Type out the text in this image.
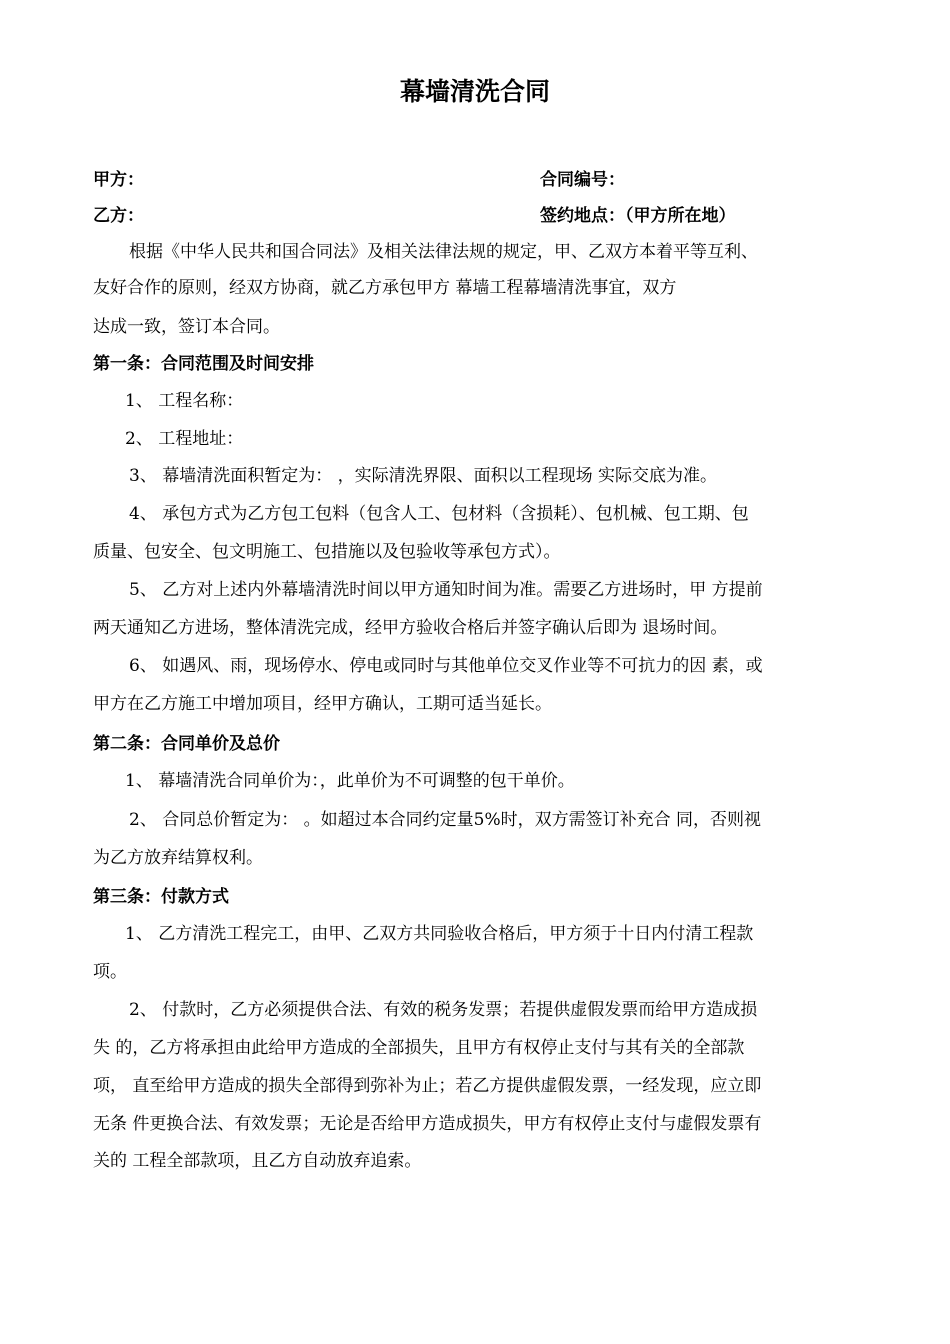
幕墙清洗合同
甲方：	合同编号：
乙方：	签约地点：（甲方所在地）
根据《中华人民共和国合同法》及相关法律法规的规定，甲、乙双方本着平等互利、
友好合作的原则，经双方协商，就乙方承包甲方 幕墙工程幕墙清洗事宜，双方
达成一致，签订本合同。
第一条：合同范围及时间安排
1、 工程名称：
2、 工程地址：
3、 幕墙清洗面积暂定为： ，实际清洗界限、面积以工程现场 实际交底为准。
4、 承包方式为乙方包工包料（包含人工、包材料（含损耗）、包机械、包工期、包
质量、包安全、包文明施工、包措施以及包验收等承包方式）。
5、 乙方对上述内外幕墙清洗时间以甲方通知时间为准。需要乙方进场时，甲 方提前
两天通知乙方进场，整体清洗完成，经甲方验收合格后并签字确认后即为 退场时间。
6、 如遇风、雨，现场停水、停电或同时与其他单位交叉作业等不可抗力的因 素，或
甲方在乙方施工中增加项目，经甲方确认，工期可适当延长。
第二条：合同单价及总价
1、 幕墙清洗合同单价为：，此单价为不可调整的包干单价。
2、 合同总价暂定为： 。如超过本合同约定量5%时，双方需签订补充合 同，否则视
为乙方放弃结算权利。
第三条：付款方式
1、 乙方清洗工程完工，由甲、乙双方共同验收合格后，甲方须于十日内付清工程款
项。
2、 付款时，乙方必须提供合法、有效的税务发票；若提供虚假发票而给甲方造成损
失 的，乙方将承担由此给甲方造成的全部损失，且甲方有权停止支付与其有关的全部款
项， 直至给甲方造成的损失全部得到弥补为止；若乙方提供虚假发票，一经发现，应立即
无条 件更换合法、有效发票；无论是否给甲方造成损失，甲方有权停止支付与虚假发票有
关的 工程全部款项，且乙方自动放弃追索。
